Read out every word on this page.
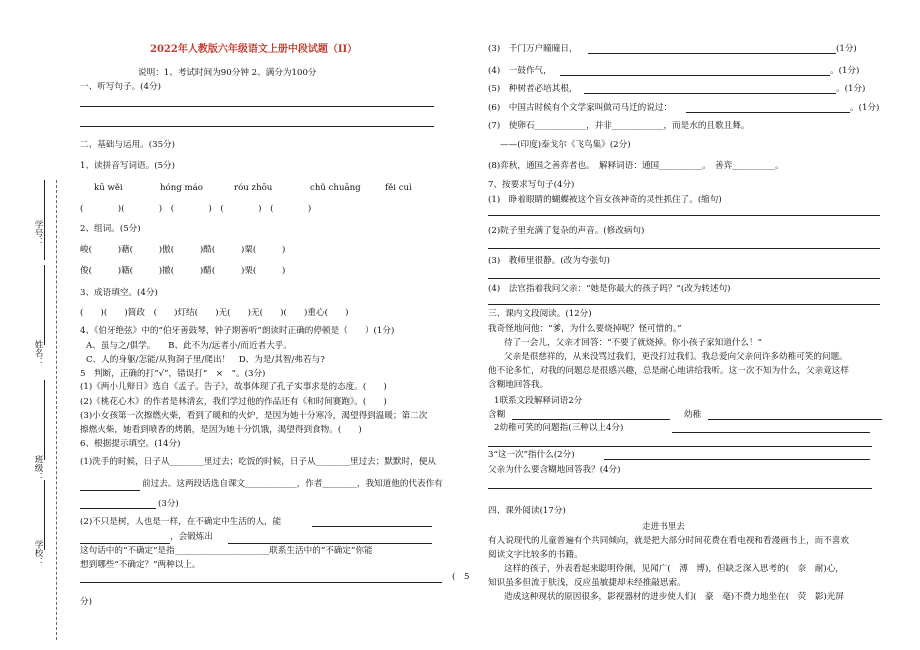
学号：
姓名：
班级：
学校：
2022年人教版六年级语文上册中段试题（II）
说明：1、考试时间为90分钟 2、满分为100分
一、听写句子。(4分)
二、基础与运用。(35分)
1、读拼音写词语。(5分)
kū wěi	hóng máo	róu zhōu	chǔ chuāng	fěi cuì
(　　　　)(　　　　)　(　　　　)　(　　　　)　(　　　　)
2、组词。(5分)
峻(　　　)藉(　　　)傲(　　　)酷(　　　)粟(　　　)
俊(　　　)籍(　　　)撤(　　　)醋(　　　)栗(　　　)
3、成语填空。(4分)
(　　)(　　)简政　(　　)灯结(　　)无(　　)无(　　)(　　)重心(　　)
4、《伯牙绝弦》中的“伯牙善鼓琴，钟子期善听”朗读时正确的停顿是（　　）(1分)
A、虽与之/俱学。　　B、此不为/远者小/而近者大乎。
C、人的身躯/怎能/从狗洞子里/爬出！　D、为是/其智/弗若与?
5　判断，正确的打“√”，错误打“　×　”。(3分)
(1)《两小儿辩日》选自《孟子。告子》，故事体现了孔子实事求是的态度。(　　)
(2)《桃花心木》的作者是林清玄，我们学过他的作品还有《和时间赛跑》。(　　)
(3)小女孩第一次擦燃火柴，看到了暖和的火炉，是因为她十分寒冷，渴望得到温暖；第二次
擦燃火柴，她看到喷香的烤鹅，是因为她十分饥饿，渴望得到食物。(　　)
6、根据提示填空。(14分)
(1)洗手的时候，日子从________里过去；吃饭的时候，日子从________里过去；默默时，便从
前过去。这两段话选自课文____________，作者________，我知道他的代表作有
(3分)
(2)不只是树，人也是一样，在不确定中生活的人，能
，会锻炼出
这句话中的“不确定”是指______________________联系生活中的“不确定”你能
想到哪些“不确定？”两种以上。
(　5
分)
(3)　千门万户曈曈日，	(1分)
(4)　一鼓作气，	。(1分)
(5)　种树者必培其根，	。(1分)
(6)　中国古时候有个文学家叫做司马迁的说过：	。(1分)
(7)　使卵石____________，并非____________，而是水的且歌且舞。
——(印度)泰戈尔《飞鸟集》(2分)
(8)弈秋，通国之善弈者也。　解释词语：通国__________。　善弈__________。
7、按要求写句子(4分)
(1)　睁着眼睛的蝴蝶被这个盲女孩神奇的灵性抓住了。(缩句)
(2)院子里充满了复杂的声音。(修改病句)
(3)　教师里很静。(改为夸张句)
(4)　法官指着我问父亲：“她是你最大的孩子吗？”(改为转述句)
三、课内文段阅读。(12分)
我奇怪地问他：“爹，为什么要烧掉呢？怪可惜的。”
待了一会儿，父亲才回答：“不要了就烧掉。你小孩子家知道什么！”
父亲是很慈祥的，从来没骂过我们，更没打过我们。我总爱向父亲问许多幼稚可笑的问题。
他不论多忙，对我的问题总是很感兴趣，总是耐心地讲给我听。这一次不知为什么，父亲竟这样
含糊地回答我。
1联系文段解释词语2分
含糊	幼稚
2幼稚可笑的问题指(三种以上4分)
3“这一次”指什么(2分)
父亲为什么要含糊地回答我？(4分)
四、课外阅读(17分)
走进书里去
有人说现代的儿童普遍有个共同倾向，就是把大部分时间花费在看电视和看漫画书上，而不喜欢
阅读文字比较多的书籍。
这样的孩子，外表看起来聪明伶俐，见闻广(　溥　博)，但缺乏深入思考的(　奈　耐)心，
知识虽多但流于肤浅，反应虽敏捷却未经推敲思索。
造成这种现状的原因很多，影视器材的进步使人们(　豪　毫)不费力地坐在(　荧　影)光屏
